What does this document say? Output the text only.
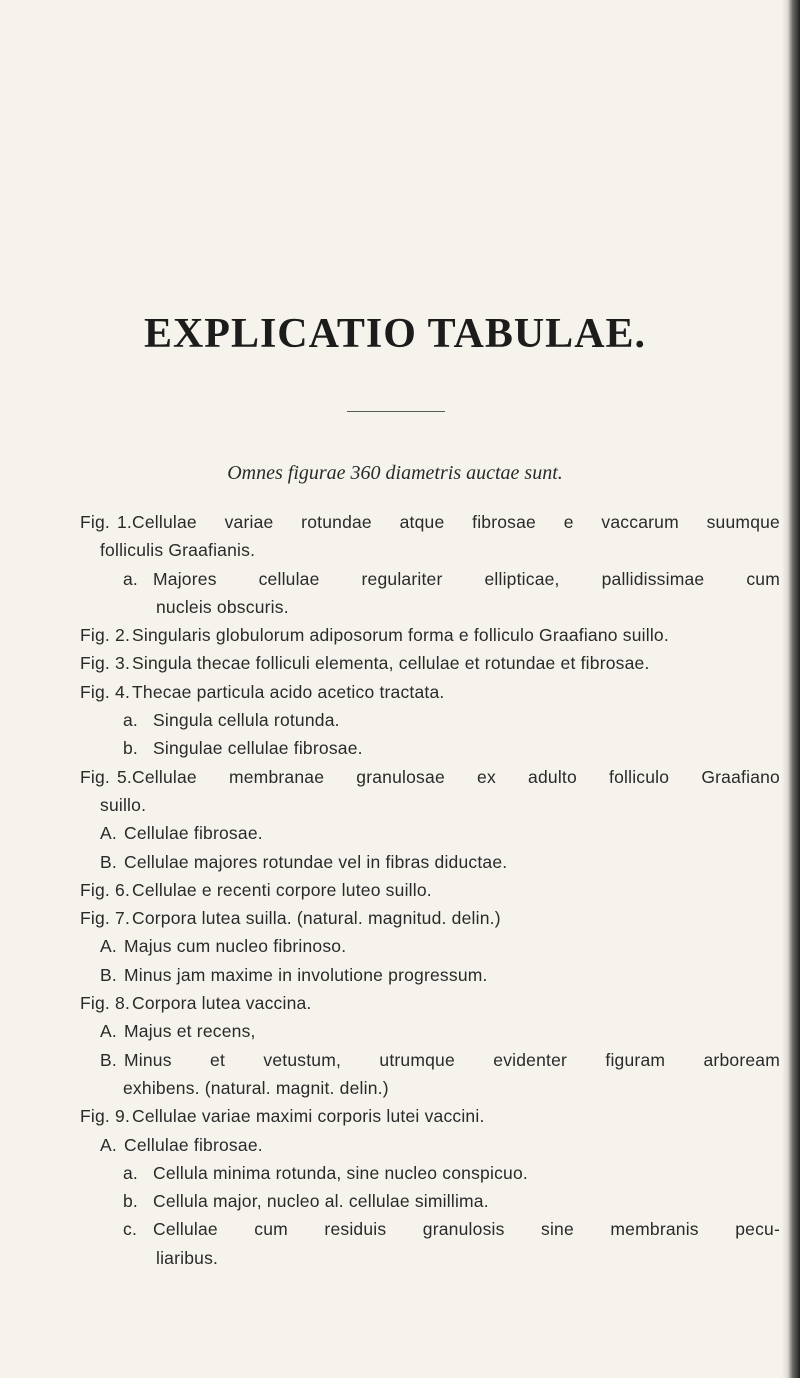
EXPLICATIO TABULAE.
Omnes figurae 360 diametris auctae sunt.
Fig. 1.Cellulae variae rotundae atque fibrosae e vaccarum suumque
folliculis Graafianis.
a. Majores cellulae regulariter ellipticae, pallidissimae cum
nucleis obscuris.
Fig. 2. Singularis globulorum adiposorum forma e folliculo Graafiano suillo.
Fig. 3. Singula thecae folliculi elementa, cellulae et rotundae et fibrosae.
Fig. 4. Thecae particula acido acetico tractata.
a. Singula cellula rotunda.
b. Singulae cellulae fibrosae.
Fig. 5.Cellulae membranae granulosae ex adulto folliculo Graafiano
suillo.
A. Cellulae fibrosae.
B. Cellulae majores rotundae vel in fibras diductae.
Fig. 6. Cellulae e recenti corpore luteo suillo.
Fig. 7. Corpora lutea suilla. (natural. magnitud. delin.)
A. Majus cum nucleo fibrinoso.
B. Minus jam maxime in involutione progressum.
Fig. 8. Corpora lutea vaccina.
A. Majus et recens,
B. Minus et vetustum, utrumque evidenter figuram arboream
exhibens. (natural. magnit. delin.)
Fig. 9. Cellulae variae maximi corporis lutei vaccini.
A. Cellulae fibrosae.
a. Cellula minima rotunda, sine nucleo conspicuo.
b. Cellula major, nucleo al. cellulae simillima.
c. Cellulae cum residuis granulosis sine membranis pecu-
liaribus.
